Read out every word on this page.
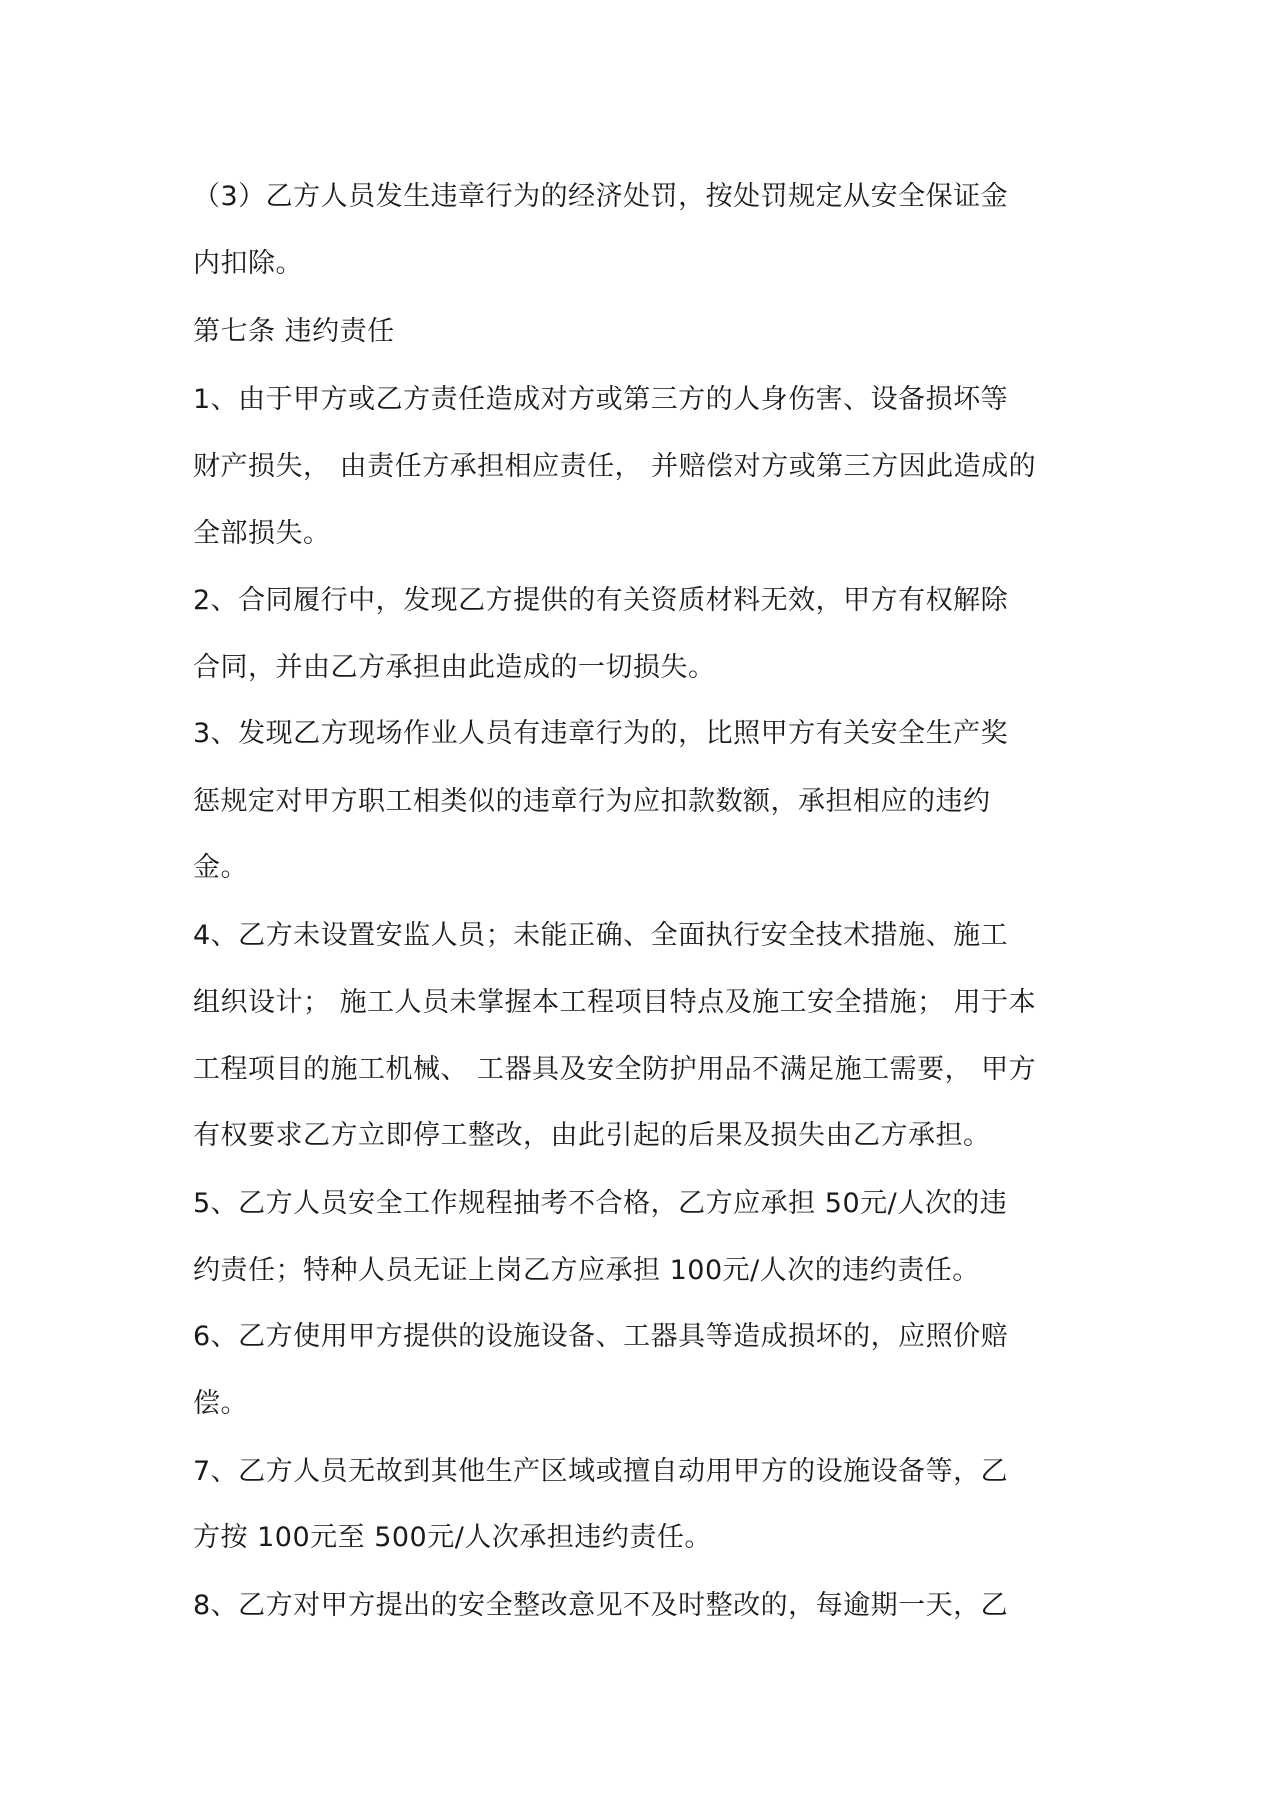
（3）乙方人员发生违章行为的经济处罚，按处罚规定从安全保证金
内扣除。
第七条 违约责任
1、由于甲方或乙方责任造成对方或第三方的人身伤害、设备损坏等
财产损失， 由责任方承担相应责任， 并赔偿对方或第三方因此造成的
全部损失。
2、合同履行中，发现乙方提供的有关资质材料无效，甲方有权解除
合同，并由乙方承担由此造成的一切损失。
3、发现乙方现场作业人员有违章行为的，比照甲方有关安全生产奖
惩规定对甲方职工相类似的违章行为应扣款数额，承担相应的违约
金。
4、乙方未设置安监人员；未能正确、全面执行安全技术措施、施工
组织设计； 施工人员未掌握本工程项目特点及施工安全措施； 用于本
工程项目的施工机械、 工器具及安全防护用品不满足施工需要， 甲方
有权要求乙方立即停工整改，由此引起的后果及损失由乙方承担。
5、乙方人员安全工作规程抽考不合格，乙方应承担 50元/人次的违
约责任；特种人员无证上岗乙方应承担 100元/人次的违约责任。
6、乙方使用甲方提供的设施设备、工器具等造成损坏的，应照价赔
偿。
7、乙方人员无故到其他生产区域或擅自动用甲方的设施设备等，乙
方按 100元至 500元/人次承担违约责任。
8、乙方对甲方提出的安全整改意见不及时整改的，每逾期一天，乙
